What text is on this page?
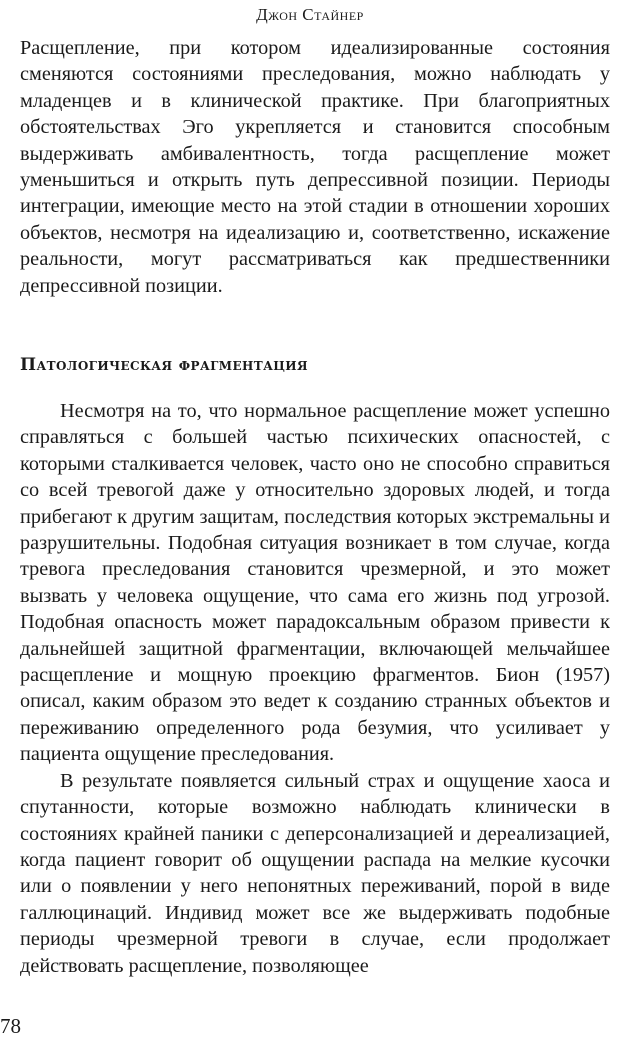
Джон Стайнер

Расщепление, при котором идеализированные состояния сменяются состояниями преследования, можно наблюдать у младенцев и в клинической практике. При благоприятных обстоятельствах Эго укрепляется и становится способным выдерживать амбивалентность, тогда расщепление может уменьшиться и открыть путь депрессивной позиции. Периоды интеграции, имеющие место на этой стадии в отношении хороших объектов, несмотря на идеализацию и, соответственно, искажение реальности, могут рассматриваться как предшественники депрессивной позиции.

Патологическая фрагментация

Несмотря на то, что нормальное расщепление может успешно справляться с большей частью психических опасностей, с которыми сталкивается человек, часто оно не способно справиться со всей тревогой даже у относительно здоровых людей, и тогда прибегают к другим защитам, последствия которых экстремальны и разрушительны. Подобная ситуация возникает в том случае, когда тревога преследования становится чрезмерной, и это может вызвать у человека ощущение, что сама его жизнь под угрозой. Подобная опасность может парадоксальным образом привести к дальнейшей защитной фрагментации, включающей мельчайшее расщепление и мощную проекцию фрагментов. Бион (1957) описал, каким образом это ведет к созданию странных объектов и переживанию определенного рода безумия, что усиливает у пациента ощущение преследования.

В результате появляется сильный страх и ощущение хаоса и спутанности, которые возможно наблюдать клинически в состояниях крайней паники с деперсонализацией и дереализацией, когда пациент говорит об ощущении распада на мелкие кусочки или о появлении у него непонятных переживаний, порой в виде галлюцинаций. Индивид может все же выдерживать подобные периоды чрезмерной тревоги в случае, если продолжает действовать расщепление, позволяющее

78
